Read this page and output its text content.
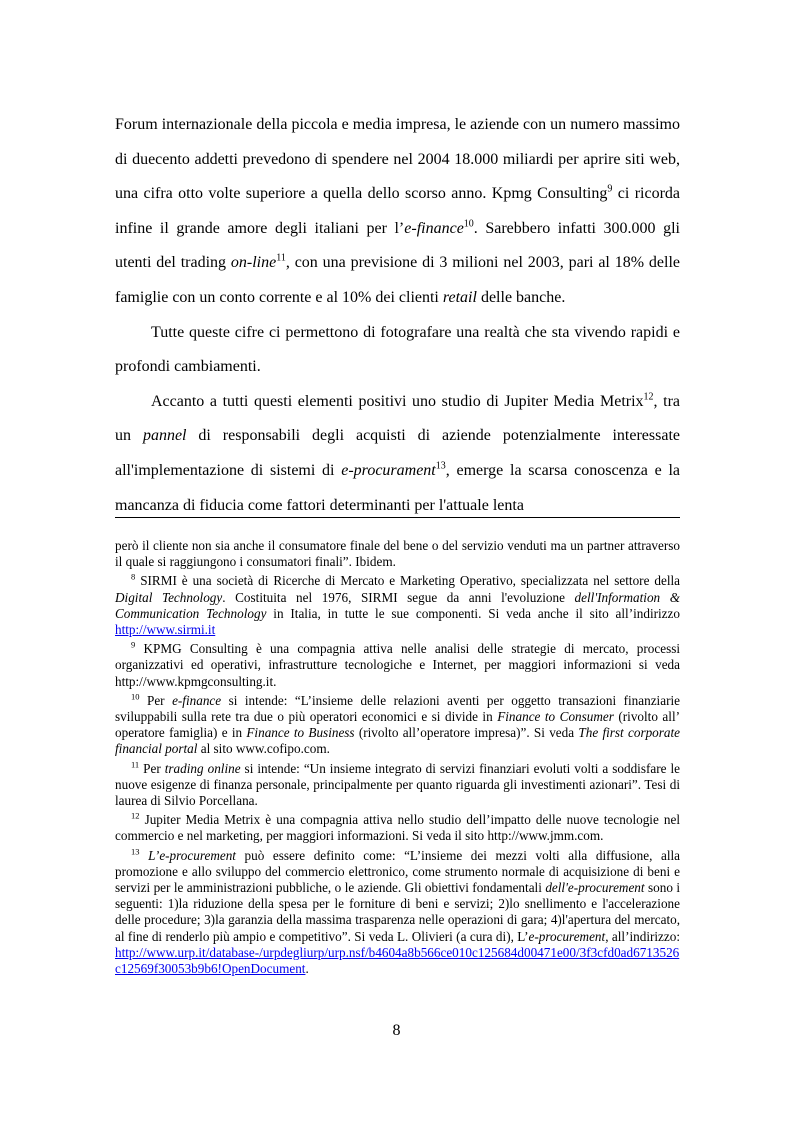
Forum internazionale della piccola e media impresa, le aziende con un numero massimo di duecento addetti prevedono di spendere nel 2004 18.000 miliardi per aprire siti web, una cifra otto volte superiore a quella dello scorso anno. Kpmg Consulting$^9$ ci ricorda infine il grande amore degli italiani per l’e-finance$^{10}$. Sarebbero infatti 300.000 gli utenti del trading on-line$^{11}$, con una previsione di 3 milioni nel 2003, pari al 18% delle famiglie con un conto corrente e al 10% dei clienti retail delle banche.

Tutte queste cifre ci permettono di fotografare una realtà che sta vivendo rapidi e profondi cambiamenti.

Accanto a tutti questi elementi positivi uno studio di Jupiter Media Metrix$^{12}$, tra un pannel di responsabili degli acquisti di aziende potenzialmente interessate all'implementazione di sistemi di e-procurament$^{13}$, emerge la scarsa conoscenza e la mancanza di fiducia come fattori determinanti per l'attuale lenta

però il cliente non sia anche il consumatore finale del bene o del servizio venduti ma un partner attraverso il quale si raggiungono i consumatori finali”. Ibidem.

$^8$ SIRMI è una società di Ricerche di Mercato e Marketing Operativo, specializzata nel settore della Digital Technology. Costituita nel 1976, SIRMI segue da anni l'evoluzione dell'Information & Communication Technology in Italia, in tutte le sue componenti. Si veda anche il sito all’indirizzo http://www.sirmi.it

$^9$ KPMG Consulting è una compagnia attiva nelle analisi delle strategie di mercato, processi organizzativi ed operativi, infrastrutture tecnologiche e Internet, per maggiori informazioni si veda http://www.kpmgconsulting.it.

$^{10}$ Per e-finance si intende: “L’insieme delle relazioni aventi per oggetto transazioni finanziarie sviluppabili sulla rete tra due o più operatori economici e si divide in Finance to Consumer (rivolto all’ operatore famiglia) e in Finance to Business (rivolto all’operatore impresa)”. Si veda The first corporate financial portal al sito www.cofipo.com.

$^{11}$ Per trading online si intende: “Un insieme integrato di servizi finanziari evoluti volti a soddisfare le nuove esigenze di finanza personale, principalmente per quanto riguarda gli investimenti azionari”. Tesi di laurea di Silvio Porcellana.

$^{12}$ Jupiter Media Metrix è una compagnia attiva nello studio dell’impatto delle nuove tecnologie nel commercio e nel marketing, per maggiori informazioni. Si veda il sito http://www.jmm.com.

$^{13}$ L’e-procurement può essere definito come: “L’insieme dei mezzi volti alla diffusione, alla promozione e allo sviluppo del commercio elettronico, come strumento normale di acquisizione di beni e servizi per le amministrazioni pubbliche, o le aziende. Gli obiettivi fondamentali dell'e-procurement sono i seguenti: 1)la riduzione della spesa per le forniture di beni e servizi; 2)lo snellimento e l'accelerazione delle procedure; 3)la garanzia della massima trasparenza nelle operazioni di gara; 4)l'apertura del mercato, al fine di renderlo più ampio e competitivo”. Si veda L. Olivieri (a cura di), L’e-procurement, all’indirizzo: http://www.urp.it/database-/urpdegliurp/urp.nsf/b4604a8b566ce010c125684d00471e00/3f3cfd0ad6713526c12569f30053b9b6!OpenDocument.

8
